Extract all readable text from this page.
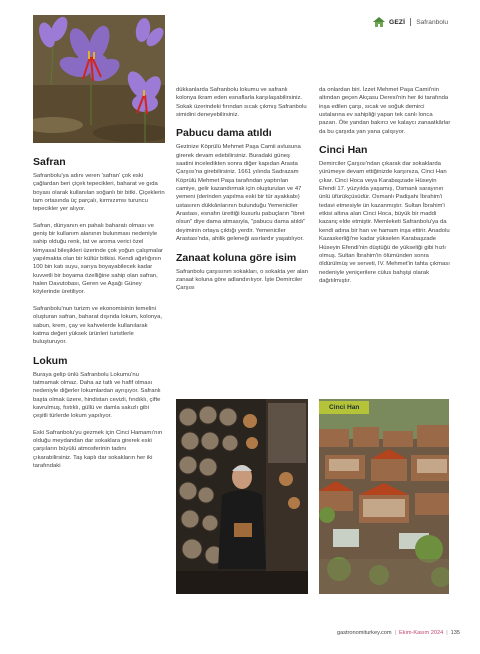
GEZİ Safranbolu
Safran

Safranbolu'ya adını veren 'safran' çok eski çağlardan beri çiçek tepecikleri, baharat ve gıda boyası olarak kullanılan soğanlı bir bitki. Çiçeklerin tam ortasında üç parçalı, kırmızımsı turuncu tepecikler yer alıyor.

Safran, dünyanın en pahalı baharatı olması ve geniş bir kullanım alanının bulunması nedeniyle sahip olduğu renk, tat ve aroma verici özel kimyasal bileşikleri üzerinde çok yoğun çalışmalar yapılmakta olan bir kültür bitkisi. Kendi ağırlığının 100 bin katı suyu, sarıya boyayabilecek kadar kuvvetli bir boyama özelliğine sahip olan safran, halen Davutobası, Geren ve Aşağı Güney köylerinde üretiliyor.

Safranbolu'nun turizm ve ekonomisinin temelini oluşturan safran, baharat dışında lokum, kolonya, sabun, krem, çay ve kahvelerde kullanılarak katma değeri yüksek ürünleri turistlerle buluşturuyor.

Lokum

Buraya gelip ünlü Safranbolu Lokumu'nu tatmamak olmaz. Daha az tatlı ve hafif olması nedeniyle diğerler lokumlardan ayrışıyor. Safranlı başta olmak üzere, hindistan cevizli, fındıklı, çifte kavrulmuş, fıstıklı, güllü ve damla sakızlı gibi çeşitli türlerde lokum yapılıyor.

Eski Safranbolu'yu gezmek için Cinci Hamamı'nın olduğu meydandan dar sokaklara girerek eski çarşıların büyülü atmosferinin tadını çıkarabilirsiniz. Taş kaplı dar sokakların her iki tarafındaki

dükkanlarda Safranbolu lokumu ve safranlı kolonya ikram eden esnaflarla karşılaşabilirsiniz. Sokak üzerindeki fırından sıcak çıkmış Safranbolu simidini deneyebilirsiniz.

Pabucu dama atıldı

Gezinize Köprülü Mehmet Paşa Camii avlusuna girerek devam edebilirsiniz. Buradaki güneş saatini inceledikten sonra diğer kapıdan Arasta Çarşısı'na girebilirsiniz. 1661 yılında Sadrazam Köprülü Mehmet Paşa tarafından yaptırılan camiye, gelir kazandırmak için oluşturulan ve 47 yemeni (derinden yapılma eski bir tür ayakkabı) ustasının dükkânlarının bulunduğu Yemeniciler Arastası, esnafın ürettiği kusurlu pabuçların "ibret olsun" diye dama atmasıyla, "pabucu dama atıldı" deyiminin ortaya çıktığı yerdir. Yemeniciler Arastası'nda, ahilik geleneği asırlardır yaşatılıyor.

Zanaat koluna göre isim

Safranbolu çarşısının sokakları, o sokakta yer alan zanaat koluna göre adlandırılıyor. İşte Demirciler Çarşısı

da onlardan biri. İzzet Mehmet Paşa Camii'nin altından geçen Akçasu Deresi'nin her iki tarafında inşa edilen çarşı, sıcak ve soğuk demirci ustalarına ev sahipliği yapan tek canlı lonca pazarı. Öte yandan bakırcı ve kalaycı zanaatkârlar da bu çarşıda yan yana çalışıyor.

Cinci Han

Demirciler Çarşısı'ndan çıkarak dar sokaklarda yürümeye devam ettiğinizde karşınıza, Cinci Han çıkar. Cinci Hoca veya Karabaşzade Hüseyin Efendi 17. yüzyılda yaşamış, Osmanlı sarayının ünlü üfürükçüsüdür. Osmanlı Padişahı İbrahim'i tedavi etmesiyle ün kazanmıştır. Sultan İbrahim'i etkisi altına alan Cinci Hoca, büyük bir maddi kazanç elde etmiştir. Memleketi Safranbolu'ya da kendi adına bir han ve hamam inşa ettirir. Anadolu Kazaskerliği'ne kadar yükselen Karabaşzade Hüseyin Efendi'nin düştüğü de yükseliği gibi hızlı olmuş. Sultan İbrahim'in ölümünden sonra öldürülmüş ve serveti, IV. Mehmet'in tahta çıkması nedeniyle yeniçerilere cülus bahşişi olarak dağıtılmıştır.

Cinci Han
gastronomiturkey.com | Ekim-Kasım 2024 | 135
